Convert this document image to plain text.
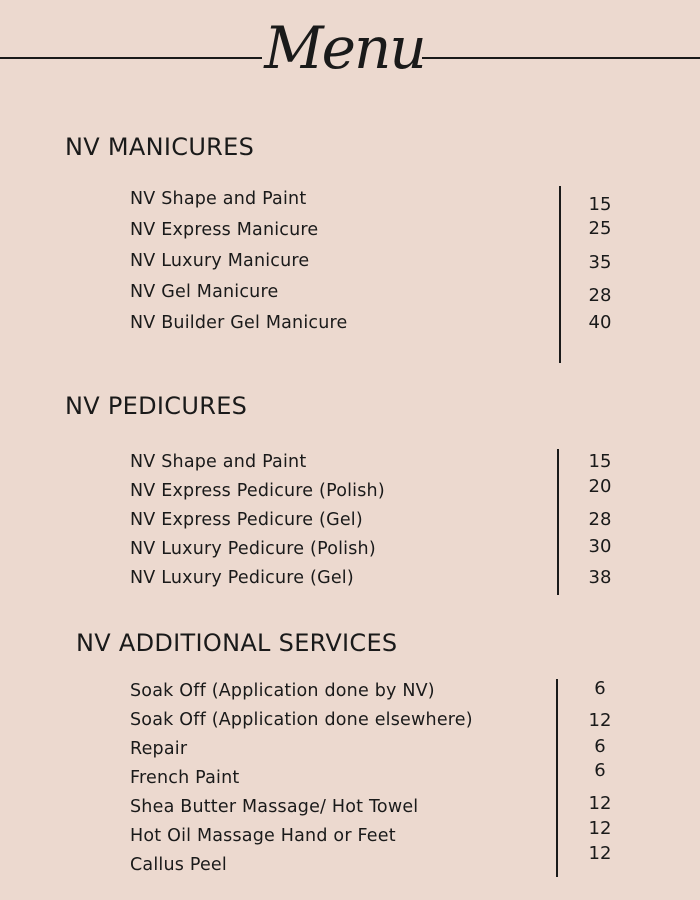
Menu
NV MANICURES
NV Shape and Paint
NV Express Manicure
NV Luxury Manicure
NV Gel Manicure
NV Builder Gel Manicure
15
25
35
28
40
NV PEDICURES
NV Shape and Paint
NV Express Pedicure (Polish)
NV Express Pedicure (Gel)
NV Luxury Pedicure (Polish)
NV Luxury Pedicure (Gel)
15
20
28
30
38
NV ADDITIONAL SERVICES
Soak Off (Application done by NV)
Soak Off (Application done elsewhere)
Repair
French Paint
Shea Butter Massage/ Hot Towel
Hot Oil Massage Hand or Feet
Callus Peel
6
12
6
6
12
12
12
